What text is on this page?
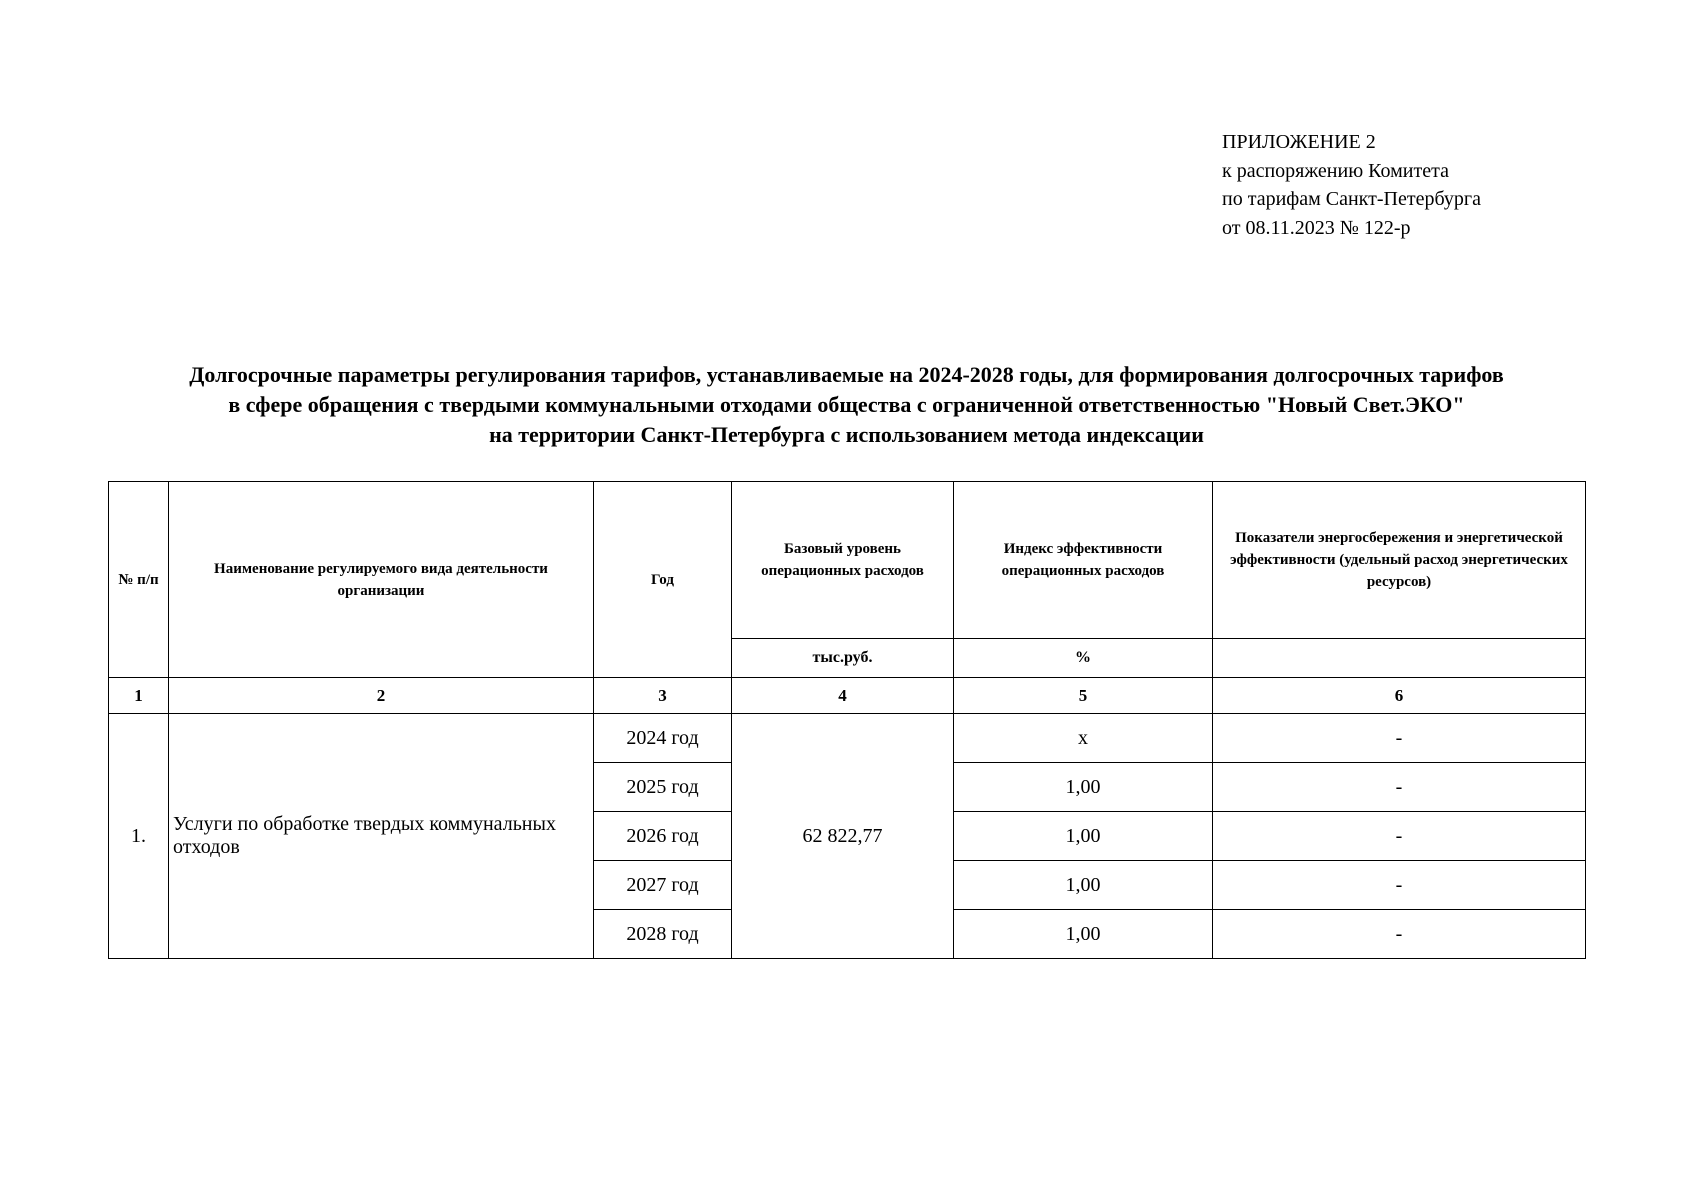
ПРИЛОЖЕНИЕ 2
к распоряжению Комитета
по тарифам Санкт-Петербурга
от 08.11.2023 № 122-р
Долгосрочные параметры регулирования тарифов, устанавливаемые на 2024-2028 годы, для формирования долгосрочных тарифов
в сфере обращения с твердыми коммунальными отходами общества с ограниченной ответственностью "Новый Свет.ЭКО"
на территории Санкт-Петербурга с использованием метода индексации
№ п/п	Наименование регулируемого вида деятельности организации	Год	Базовый уровень операционных расходов	Индекс эффективности операционных расходов	Показатели энергосбережения и энергетической эффективности (удельный расход энергетических ресурсов)
			тыс.руб.	%	
1	2	3	4	5	6
1.	Услуги по обработке твердых коммунальных отходов	2024 год	62 822,77	x	-
		2025 год		1,00	-
		2026 год		1,00	-
		2027 год		1,00	-
		2028 год		1,00	-
